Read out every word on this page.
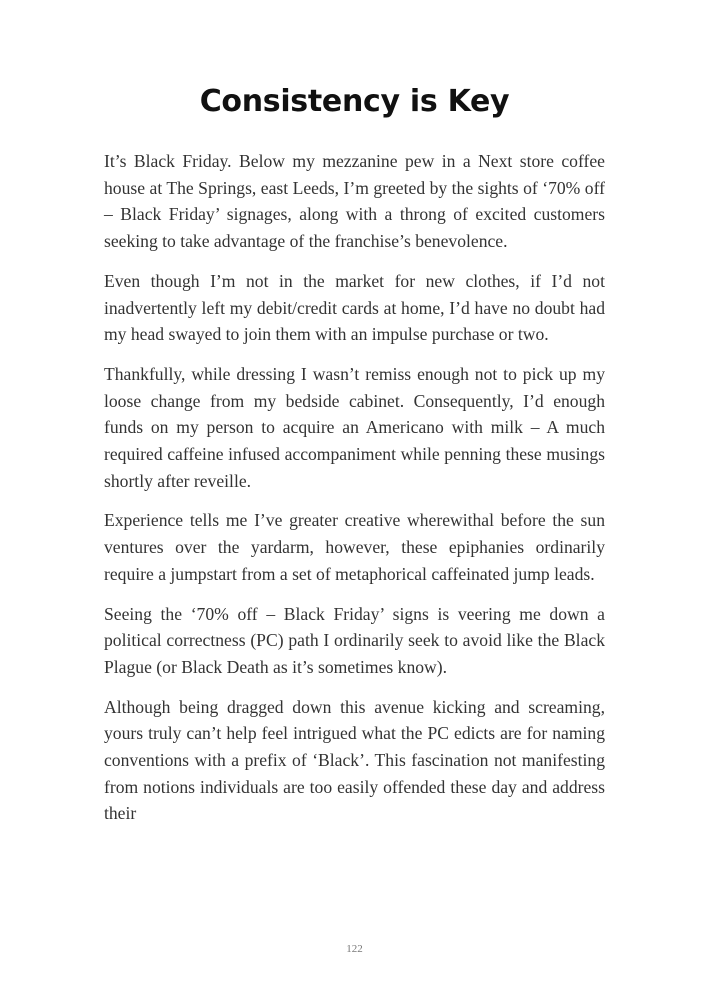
Consistency is Key

It’s Black Friday. Below my mezzanine pew in a Next store coffee house at The Springs, east Leeds, I’m greeted by the sights of ‘70% off – Black Friday’ signages, along with a throng of excited customers seeking to take advantage of the franchise’s benevolence.

Even though I’m not in the market for new clothes, if I’d not inadvertently left my debit/credit cards at home, I’d have no doubt had my head swayed to join them with an impulse purchase or two.

Thankfully, while dressing I wasn’t remiss enough not to pick up my loose change from my bedside cabinet. Consequently, I’d enough funds on my person to acquire an Americano with milk – A much required caffeine infused accompaniment while penning these musings shortly after reveille.

Experience tells me I’ve greater creative wherewithal before the sun ventures over the yardarm, however, these epiphanies ordinarily require a jumpstart from a set of metaphorical caffeinated jump leads.

Seeing the ‘70% off – Black Friday’ signs is veering me down a political correctness (PC) path I ordinarily seek to avoid like the Black Plague (or Black Death as it’s sometimes know).

Although being dragged down this avenue kicking and screaming, yours truly can’t help feel intrigued what the PC edicts are for naming conventions with a prefix of ‘Black’. This fascination not manifesting from notions individuals are too easily offended these day and address their

122
